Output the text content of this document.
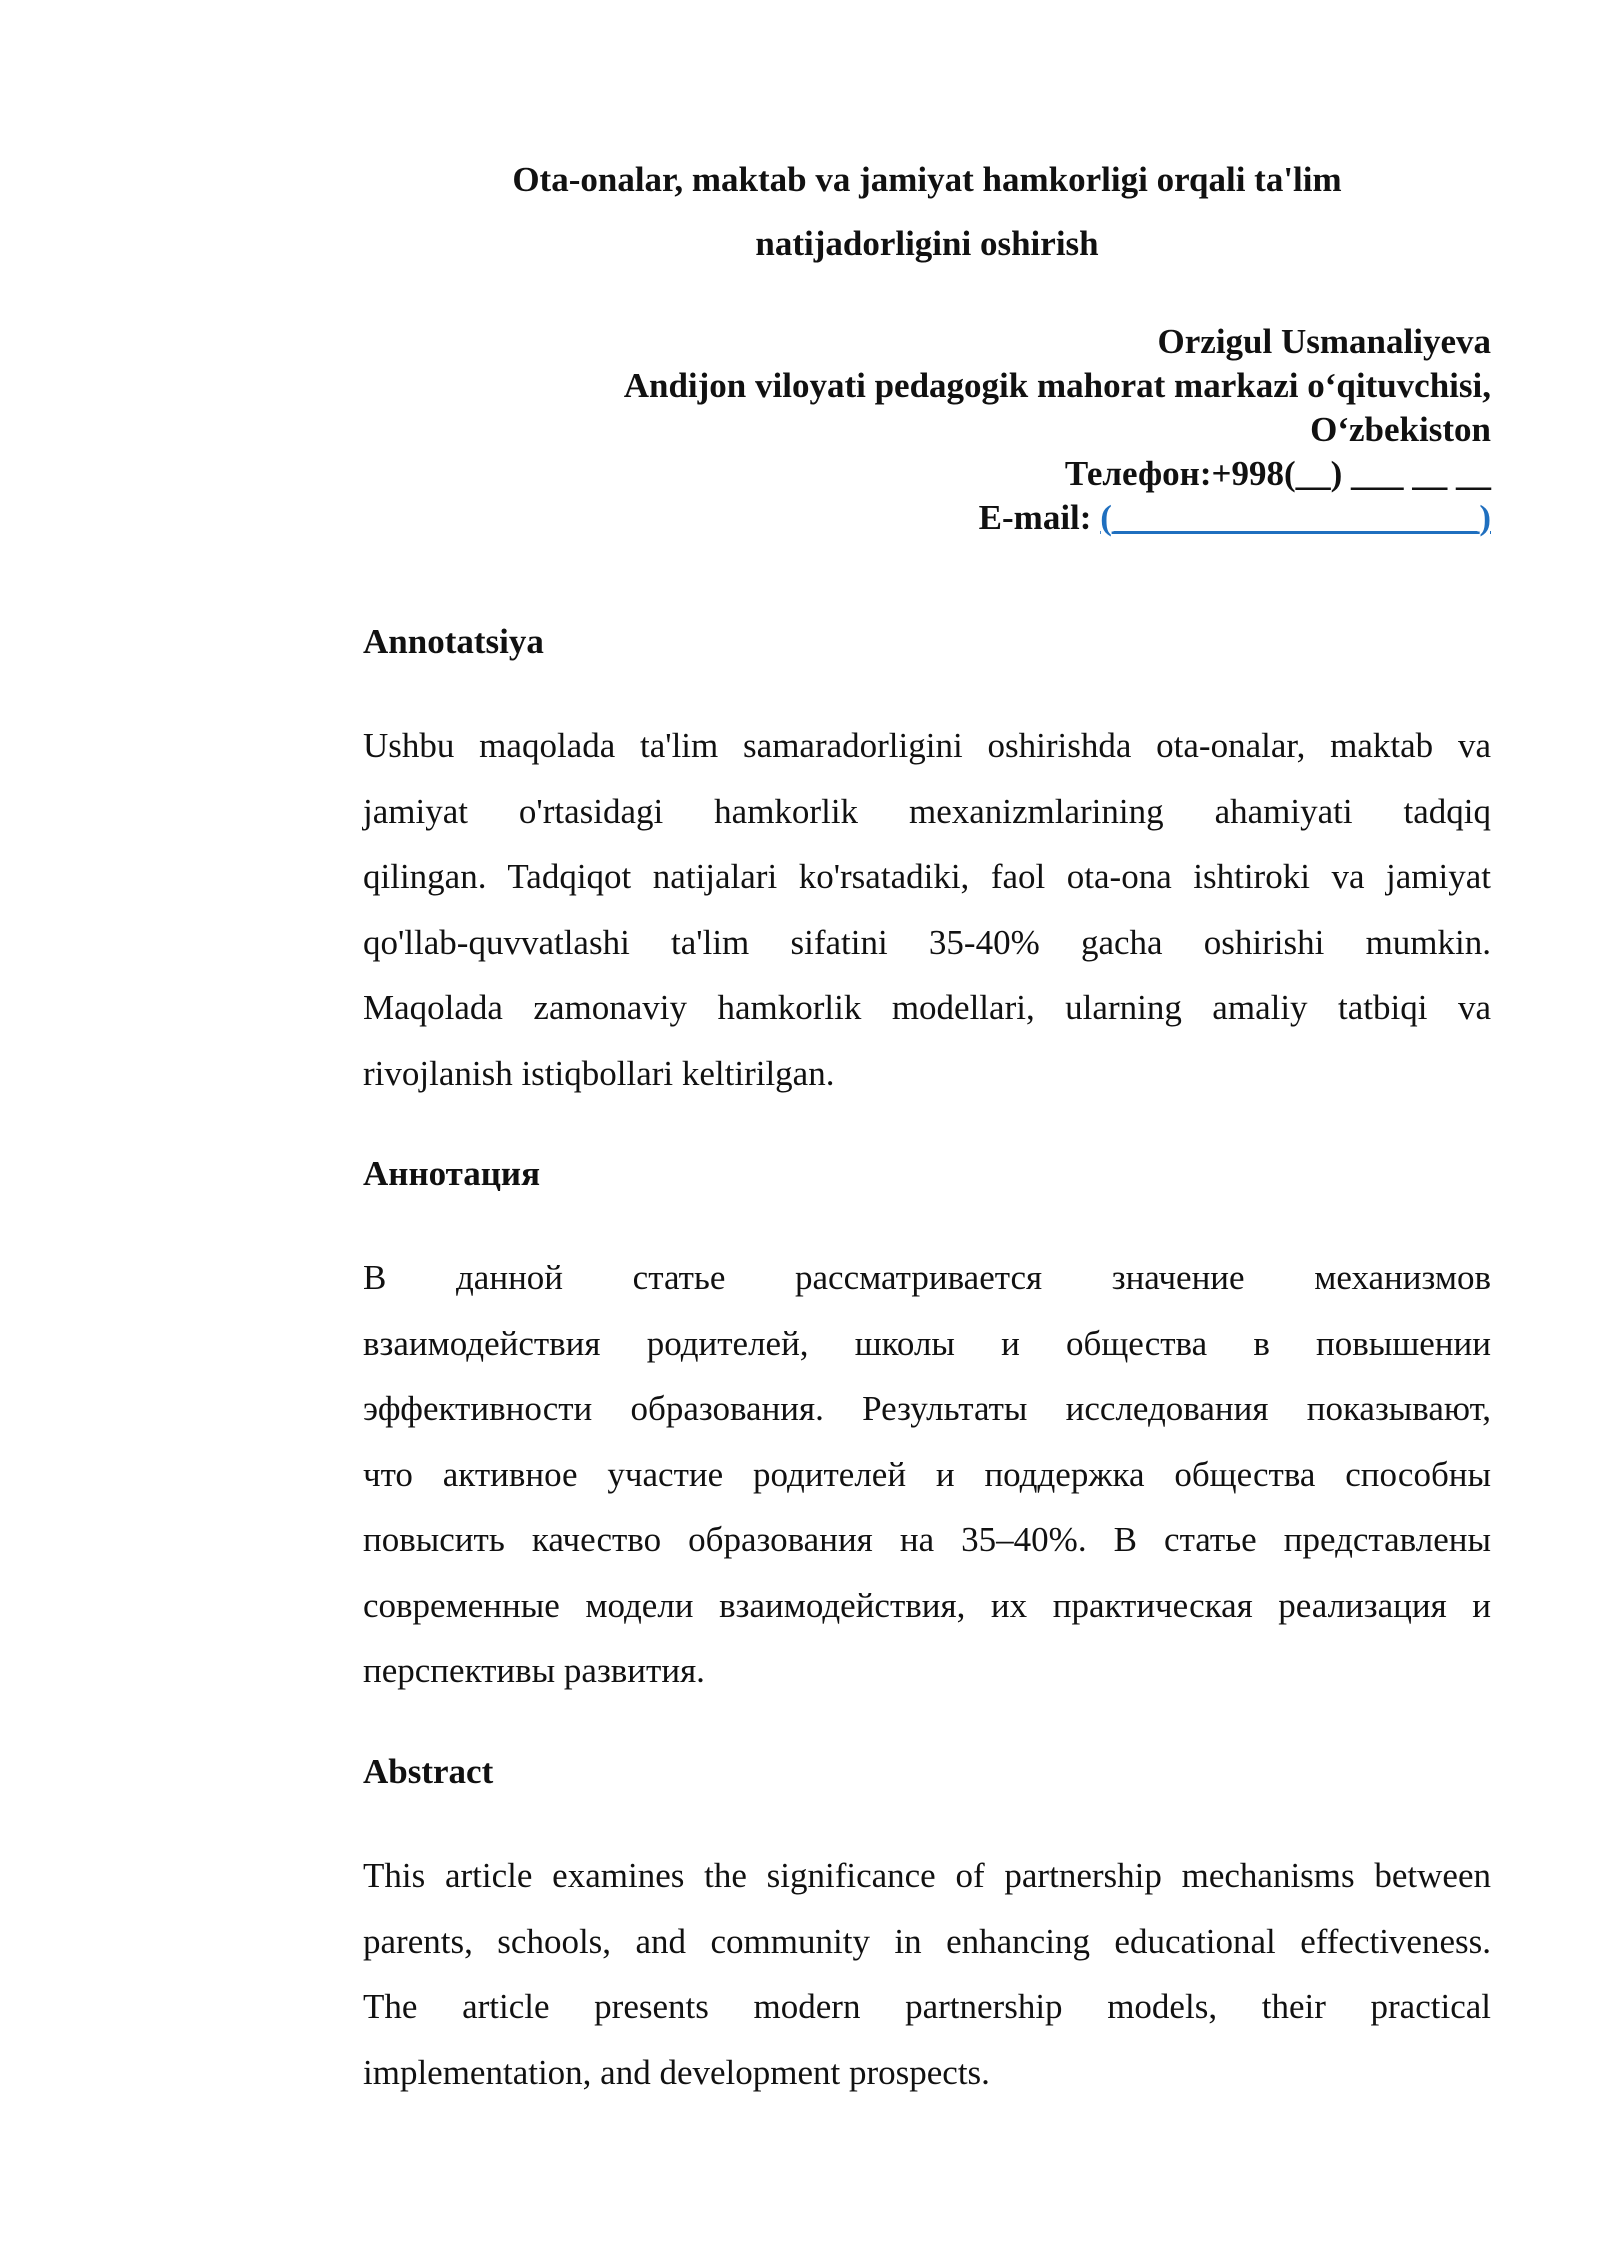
Ota-onalar, maktab va jamiyat hamkorligi orqali ta'lim
natijadorligini oshirish
Orzigul Usmanaliyeva
Andijon viloyati pedagogik mahorat markazi o‘qituvchisi,
O‘zbekiston
Телефон:+998(__) ___ __ __
E-mail: (_____________________)
Annotatsiya
Ushbu maqolada ta'lim samaradorligini oshirishda ota-onalar, maktab va
jamiyat o'rtasidagi hamkorlik mexanizmlarining ahamiyati tadqiq
qilingan. Tadqiqot natijalari ko'rsatadiki, faol ota-ona ishtiroki va jamiyat
qo'llab-quvvatlashi ta'lim sifatini 35-40% gacha oshirishi mumkin.
Maqolada zamonaviy hamkorlik modellari, ularning amaliy tatbiqi va
rivojlanish istiqbollari keltirilgan.
Аннотация
В данной статье рассматривается значение механизмов
взаимодействия родителей, школы и общества в повышении
эффективности образования. Результаты исследования показывают,
что активное участие родителей и поддержка общества способны
повысить качество образования на 35–40%. В статье представлены
современные модели взаимодействия, их практическая реализация и
перспективы развития.
Abstract
This article examines the significance of partnership mechanisms between
parents, schools, and community in enhancing educational effectiveness.
The article presents modern partnership models, their practical
implementation, and development prospects.
